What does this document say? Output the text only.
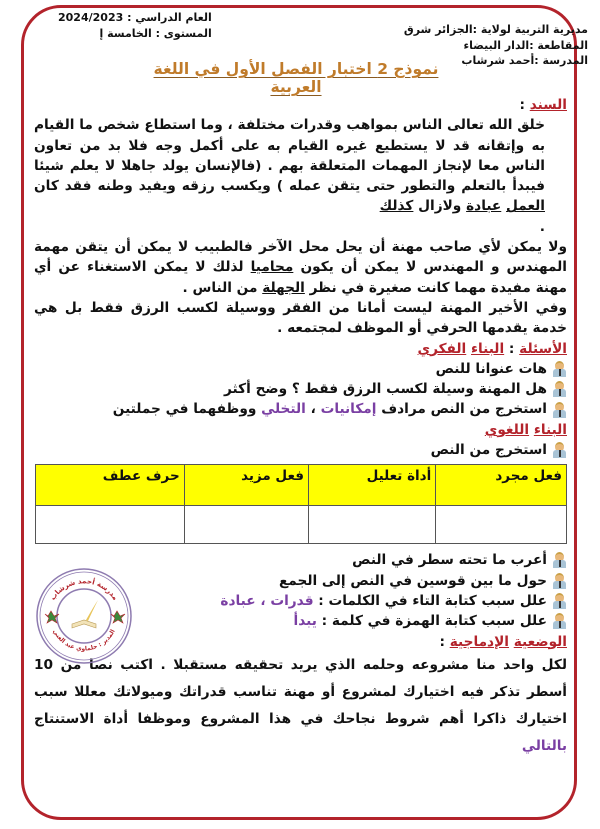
مديرية التربية لولاية :الجزائر شرق
المقاطعة :الدار البيضاء
المدرسة :أحمد شرشاب
العام الدراسي : 2024/2023
المستوى : الخامسة إ
نموذج 2 اختبار الفصل الأول في اللغة العربية

السند :

خلق الله تعالى الناس بمواهب وقدرات مختلفة ، وما استطاع شخص ما القيام به وإتقانه قد لا يستطيع غيره القيام به على أكمل وجه فلا بد من تعاون الناس معا لإنجاز المهمات المتعلقة بهم . (فالإنسان يولد جاهلا لا يعلم شيئا فيبدأ بالتعلم والتطور حتى يتقن عمله ) ويكسب رزقه ويفيد وطنه فقد كان العمل عبادة ولازال كذلك
.

ولا يمكن لأي صاحب مهنة أن يحل محل الآخر فالطبيب لا يمكن أن يتقن مهمة المهندس و المهندس لا يمكن أن يكون محاميا لذلك لا يمكن الاستغناء عن أي مهنة مفيدة مهما كانت صغيرة في نظر الجهلة من الناس .

وفي الأخير المهنة ليست أمانا من الفقر ووسيلة لكسب الرزق فقط بل هي خدمة يقدمها الحرفي أو الموظف لمجتمعه .

الأسئلة : البناء الفكري

هات عنوانا للنص

هل المهنة وسيلة لكسب الرزق فقط ؟ وضح أكثر

استخرج من النص مرادف إمكانيات ، التخلي ووظفهما في جملتين

البناء اللغوي

استخرج من النص

فعل مجرد	أداة تعليل	فعل مزيد	حرف عطف

أعرب ما تحته سطر في النص

حول ما بين قوسين في النص إلى الجمع

علل سبب كتابة التاء في الكلمات : قدرات ، عبادة

علل سبب كتابة الهمزة في كلمة : يبدأ

الوضعية الإدماجية :

لكل واحد منا مشروعه وحلمه الذي يريد تحقيقه مستقبلا . اكتب نصا من 10 أسطر تذكر فيه اختيارك لمشروع أو مهنة تناسب قدراتك وميولاتك معللا سبب اختيارك ذاكرا أهم شروط نجاحك في هذا المشروع وموظفا أداة الاستنتاج بالتالي

مدرسة أحمد شرشاب
المدير : حلماوي عبد الغني
